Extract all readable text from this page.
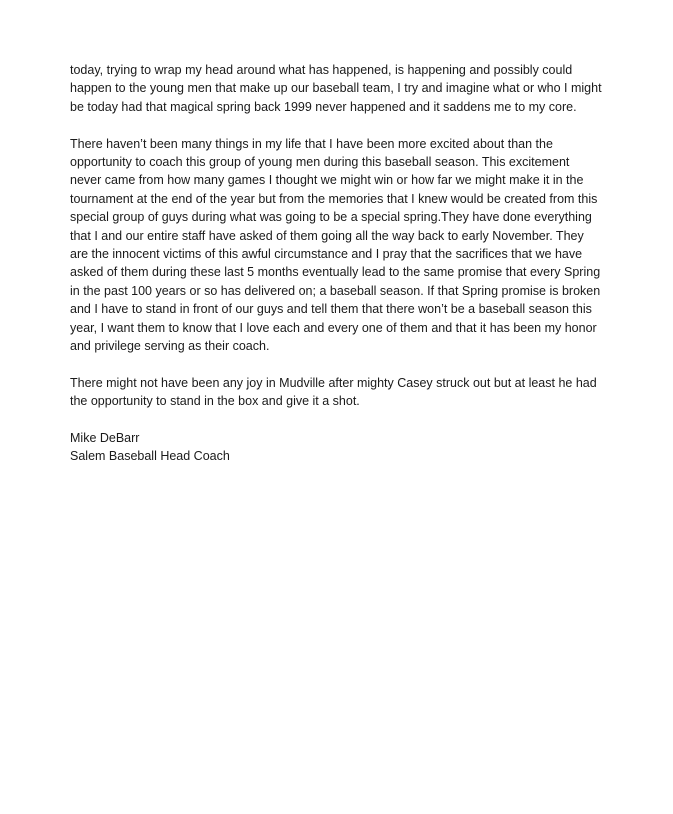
today, trying to wrap my head around what has happened, is happening and possibly could
happen to the young men that make up our baseball team, I try and imagine what or who I might
be today had that magical spring back 1999 never happened and it saddens me to my core.

There haven’t been many things in my life that I have been more excited about than the
opportunity to coach this group of young men during this baseball season. This excitement
never came from how many games I thought we might win or how far we might make it in the
tournament at the end of the year but from the memories that I knew would be created from this
special group of guys during what was going to be a special spring.They have done everything
that I and our entire staff have asked of them going all the way back to early November. They
are the innocent victims of this awful circumstance and I pray that the sacrifices that we have
asked of them during these last 5 months eventually lead to the same promise that every Spring
in the past 100 years or so has delivered on; a baseball season. If that Spring promise is broken
and I have to stand in front of our guys and tell them that there won’t be a baseball season this
year, I want them to know that I love each and every one of them and that it has been my honor
and privilege serving as their coach.

There might not have been any joy in Mudville after mighty Casey struck out but at least he had
the opportunity to stand in the box and give it a shot.

Mike DeBarr
Salem Baseball Head Coach
